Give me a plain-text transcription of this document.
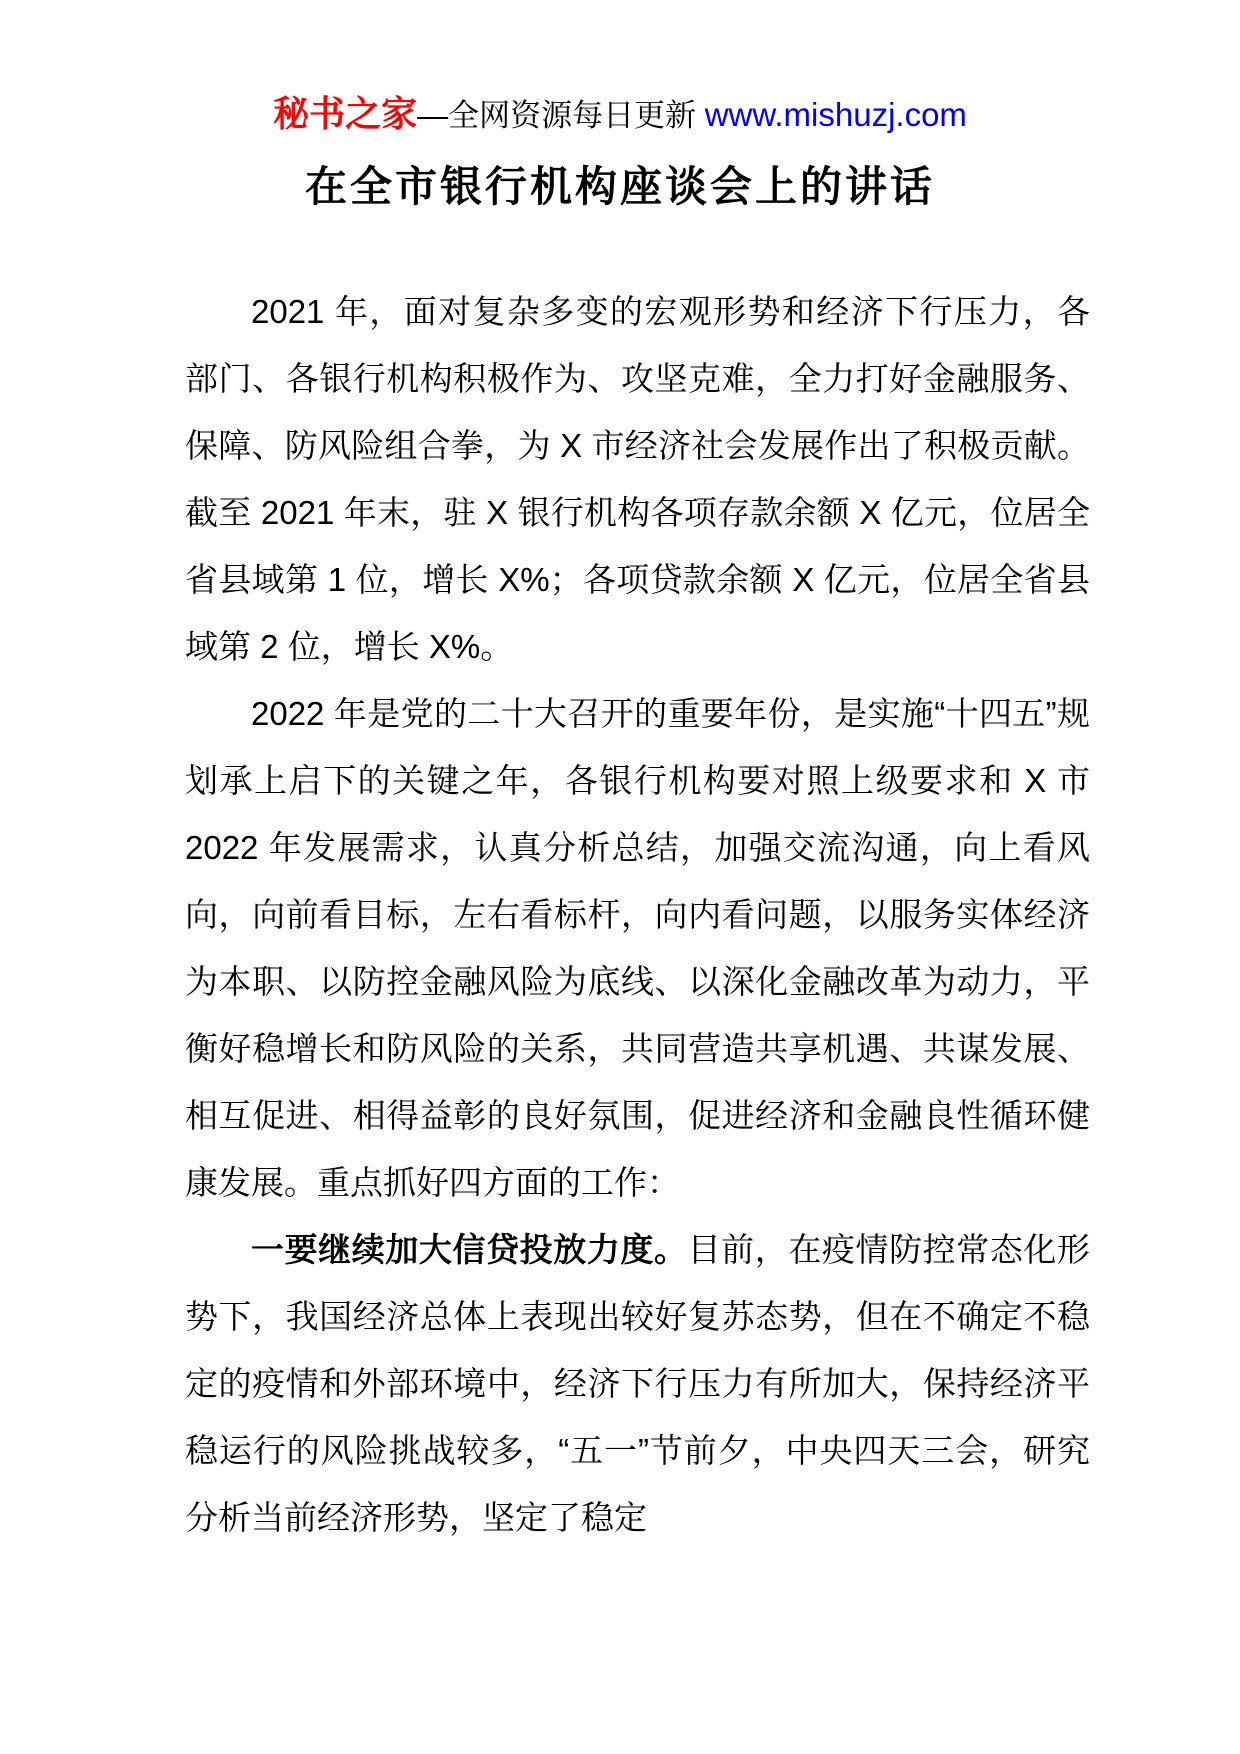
秘书之家—全网资源每日更新 www.mishuzj.com
在全市银行机构座谈会上的讲话

2021 年，面对复杂多变的宏观形势和经济下行压力，各部门、各银行机构积极作为、攻坚克难，全力打好金融服务、保障、防风险组合拳，为 X 市经济社会发展作出了积极贡献。截至 2021 年末，驻 X 银行机构各项存款余额 X 亿元，位居全省县域第 1 位，增长 X%；各项贷款余额 X 亿元，位居全省县域第 2 位，增长 X%。

2022 年是党的二十大召开的重要年份，是实施“十四五”规划承上启下的关键之年，各银行机构要对照上级要求和 X 市 2022 年发展需求，认真分析总结，加强交流沟通，向上看风向，向前看目标，左右看标杆，向内看问题，以服务实体经济为本职、以防控金融风险为底线、以深化金融改革为动力，平衡好稳增长和防风险的关系，共同营造共享机遇、共谋发展、相互促进、相得益彰的良好氛围，促进经济和金融良性循环健康发展。重点抓好四方面的工作：

一要继续加大信贷投放力度。目前，在疫情防控常态化形势下，我国经济总体上表现出较好复苏态势，但在不确定不稳定的疫情和外部环境中，经济下行压力有所加大，保持经济平稳运行的风险挑战较多，“五一”节前夕，中央四天三会，研究分析当前经济形势，坚定了稳定
